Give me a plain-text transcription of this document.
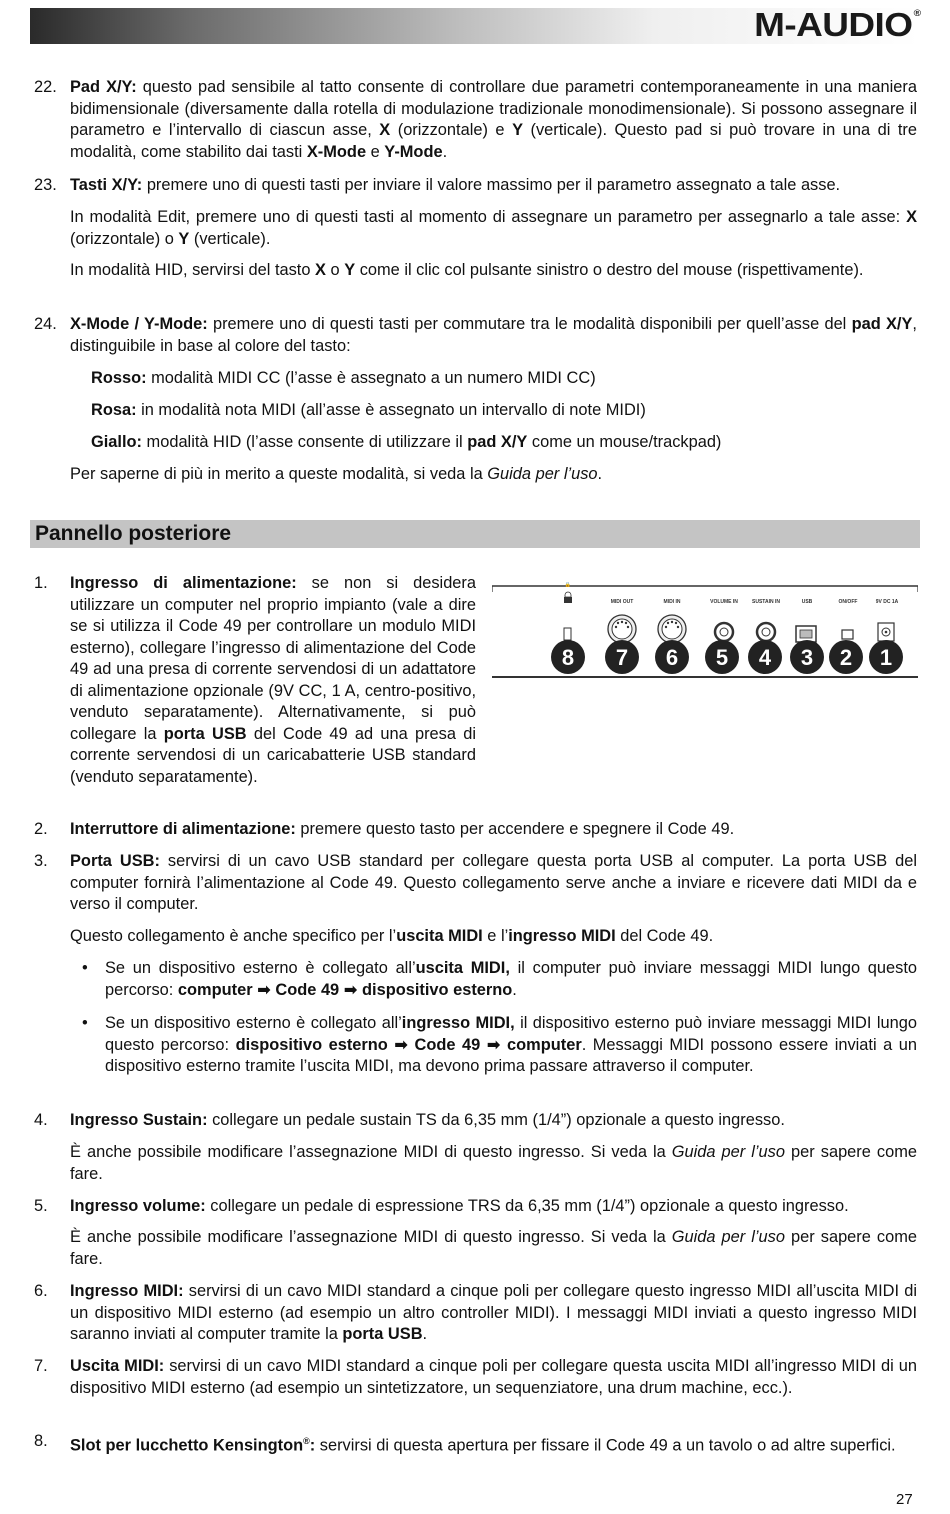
M-AUDIO®
22. Pad X/Y: questo pad sensibile al tatto consente di controllare due parametri contemporaneamente in una maniera bidimensionale (diversamente dalla rotella di modulazione tradizionale monodimensionale). Si possono assegnare il parametro e l’intervallo di ciascun asse, X (orizzontale) e Y (verticale). Questo pad si può trovare in una di tre modalità, come stabilito dai tasti X-Mode e Y-Mode.
23. Tasti X/Y: premere uno di questi tasti per inviare il valore massimo per il parametro assegnato a tale asse.
In modalità Edit, premere uno di questi tasti al momento di assegnare un parametro per assegnarlo a tale asse: X (orizzontale) o Y (verticale).
In modalità HID, servirsi del tasto X o Y come il clic col pulsante sinistro o destro del mouse (rispettivamente).
24. X-Mode / Y-Mode: premere uno di questi tasti per commutare tra le modalità disponibili per quell’asse del pad X/Y, distinguibile in base al colore del tasto:
Rosso: modalità MIDI CC (l’asse è assegnato a un numero MIDI CC)
Rosa: in modalità nota MIDI (all’asse è assegnato un intervallo di note MIDI)
Giallo: modalità HID (l’asse consente di utilizzare il pad X/Y come un mouse/trackpad)
Per saperne di più in merito a queste modalità, si veda la Guida per l’uso.
Pannello posteriore
1. Ingresso di alimentazione: se non si desidera utilizzare un computer nel proprio impianto (vale a dire se si utilizza il Code 49 per controllare un modulo MIDI esterno), collegare l’ingresso di alimentazione del Code 49 ad una presa di corrente servendosi di un adattatore di alimentazione opzionale (9V CC, 1 A, centro-positivo, venduto separatamente). Alternativamente, si può collegare la porta USB del Code 49 ad una presa di corrente servendosi di un caricabatterie USB standard (venduto separatamente).
🔒
MIDI OUT	MIDI IN	VOLUME IN	SUSTAIN IN	USB	ON/OFF	9V DC 1A
8 7 6 5 4 3 2 1
2. Interruttore di alimentazione: premere questo tasto per accendere e spegnere il Code 49.
3. Porta USB: servirsi di un cavo USB standard per collegare questa porta USB al computer. La porta USB del computer fornirà l’alimentazione al Code 49. Questo collegamento serve anche a inviare e ricevere dati MIDI da e verso il computer.
Questo collegamento è anche specifico per l’uscita MIDI e l’ingresso MIDI del Code 49.
• Se un dispositivo esterno è collegato all’uscita MIDI, il computer può inviare messaggi MIDI lungo questo percorso: computer ➡ Code 49 ➡ dispositivo esterno.
• Se un dispositivo esterno è collegato all’ingresso MIDI, il dispositivo esterno può inviare messaggi MIDI lungo questo percorso: dispositivo esterno ➡ Code 49 ➡ computer. Messaggi MIDI possono essere inviati a un dispositivo esterno tramite l’uscita MIDI, ma devono prima passare attraverso il computer.
4. Ingresso Sustain: collegare un pedale sustain TS da 6,35 mm (1/4”) opzionale a questo ingresso.
È anche possibile modificare l’assegnazione MIDI di questo ingresso. Si veda la Guida per l’uso per sapere come fare.
5. Ingresso volume: collegare un pedale di espressione TRS da 6,35 mm (1/4”) opzionale a questo ingresso.
È anche possibile modificare l’assegnazione MIDI di questo ingresso. Si veda la Guida per l’uso per sapere come fare.
6. Ingresso MIDI: servirsi di un cavo MIDI standard a cinque poli per collegare questo ingresso MIDI all’uscita MIDI di un dispositivo MIDI esterno (ad esempio un altro controller MIDI). I messaggi MIDI inviati a questo ingresso MIDI saranno inviati al computer tramite la porta USB.
7. Uscita MIDI: servirsi di un cavo MIDI standard a cinque poli per collegare questa uscita MIDI all’ingresso MIDI di un dispositivo MIDI esterno (ad esempio un sintetizzatore, un sequenziatore, una drum machine, ecc.).
8. Slot per lucchetto Kensington®: servirsi di questa apertura per fissare il Code 49 a un tavolo o ad altre superfici.
27
